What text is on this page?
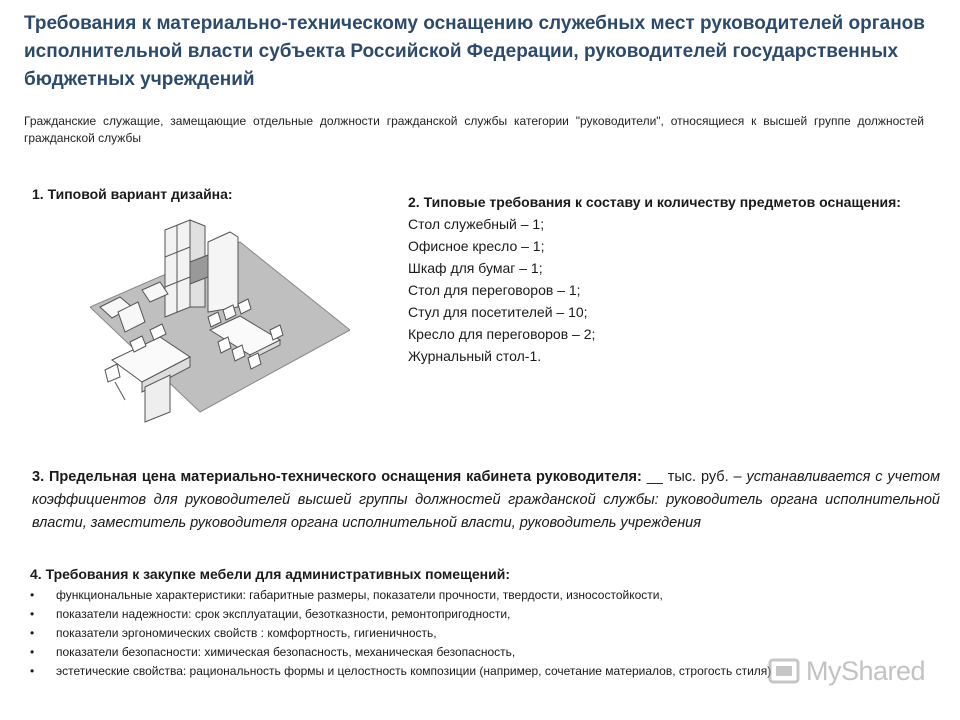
Требования к материально-техническому оснащению служебных мест руководителей органов исполнительной власти субъекта Российской Федерации, руководителей государственных бюджетных учреждений
Гражданские служащие, замещающие отдельные должности гражданской службы категории "руководители", относящиеся к высшей группе должностей гражданской службы
1. Типовой вариант дизайна:	2. Типовые требования к составу и количеству предметов оснащения:
Стол служебный – 1;
Офисное кресло – 1;
Шкаф для бумаг – 1;
Стол для переговоров – 1;
Стул для посетителей – 10;
Кресло для переговоров – 2;
Журнальный стол-1.
3. Предельная цена материально-технического оснащения кабинета руководителя: __ тыс. руб. – устанавливается с учетом коэффициентов для руководителей высшей группы должностей гражданской службы: руководитель органа исполнительной власти, заместитель руководителя органа исполнительной власти, руководитель учреждения
4. Требования к закупке мебели для административных помещений:
• функциональные характеристики: габаритные размеры, показатели прочности, твердости, износостойкости,
• показатели надежности: срок эксплуатации, безотказности, ремонтопригодности,
• показатели эргономических свойств : комфортность, гигиеничность,
• показатели безопасности: химическая безопасность, механическая безопасность,
• эстетические свойства: рациональность формы и целостность композиции (например, сочетание материалов, строгость стиля)	MyShared
